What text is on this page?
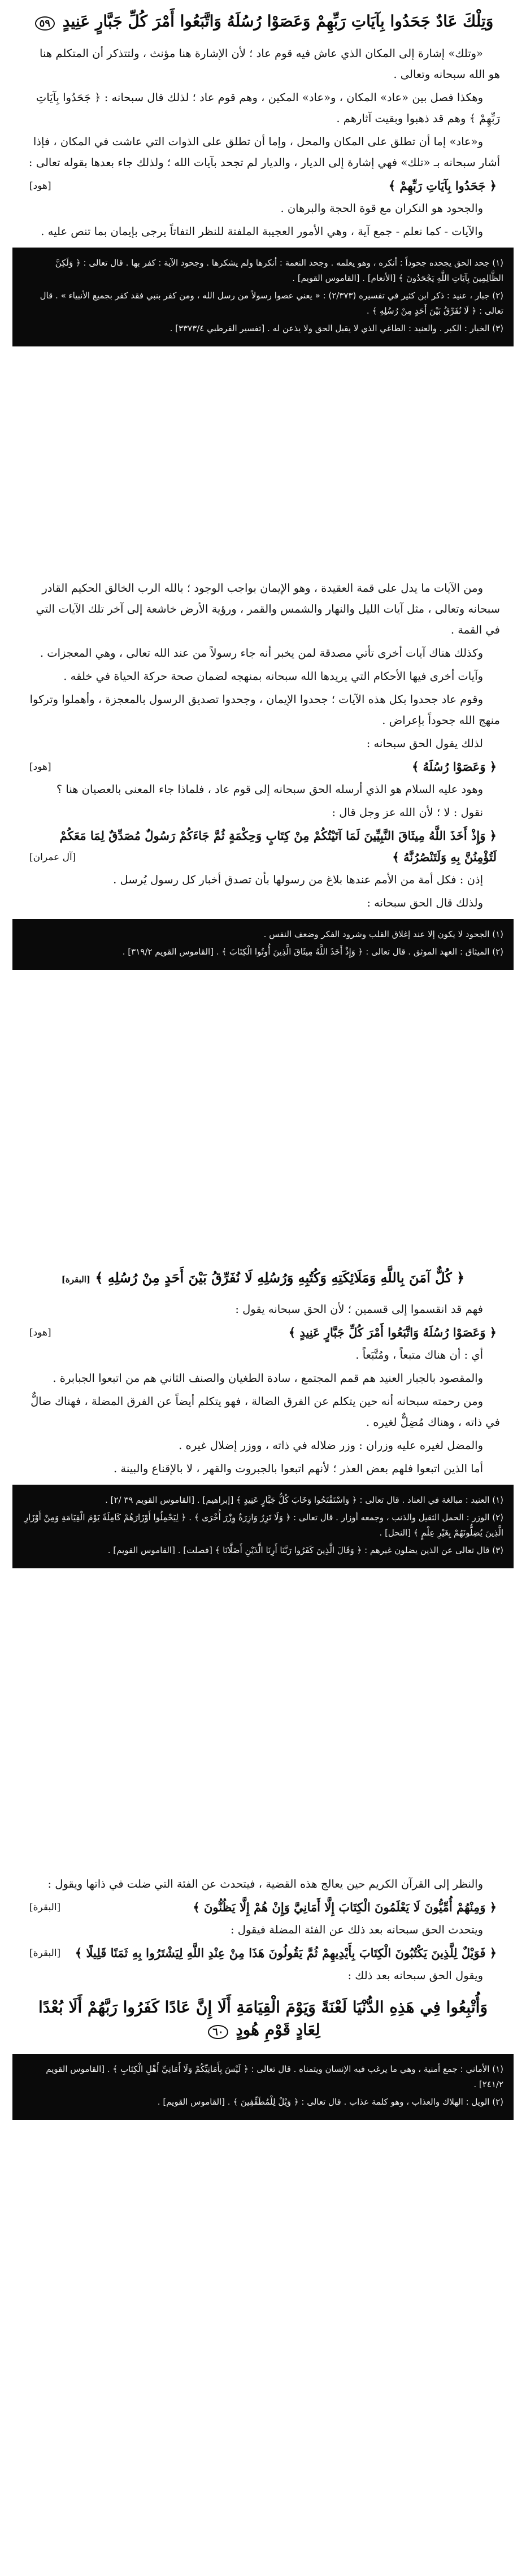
وَتِلْكَ عَادٌ جَحَدُوا بِآيَاتِ رَبِّهِمْ وَعَصَوْا رُسُلَهُ وَاتَّبَعُوا أَمْرَ كُلِّ جَبَّارٍ عَنِيدٍ ٥٩

«وتلك» إشارة إلى المكان الذي عاش فيه قوم عاد ؛ لأن الإشارة هنا مؤنث ، ولتتذكر أن المتكلم هنا هو الله سبحانه وتعالى .

وهكذا فصل بين «عاد» المكان ، و«عاد» المكين ، وهم قوم عاد ؛ لذلك قال سبحانه : ﴿ جَحَدُوا بِآيَاتِ رَبِّهِمْ ﴾ وهم قد ذهبوا وبقيت آثارهم .

و«عاد» إما أن تطلق على المكان والمحل ، وإما أن تطلق على الذوات التي عاشت في المكان ، فإذا أشار سبحانه بـ «تلك» فهي إشارة إلى الديار ، والديار لم تجحد بآيات الله ؛ ولذلك جاء بعدها بقوله تعالى :

﴿ جَحَدُوا بِآيَاتِ رَبِّهِمْ ﴾
[هود]

والجحود هو النكران مع قوة الحجة والبرهان .

والآيات - كما نعلم - جمع آية ، وهي الأمور العجيبة الملفتة للنظر التفاتاً يرجى بإيمان بما تنص عليه .

(١) جحد الحق يجحده جحوداً : أنكره ، وهو يعلمه . وجحد النعمة : أنكرها ولم يشكرها . وجحود الآية : كفر بها . قال تعالى : ﴿ وَلَكِنَّ الظَّالِمِينَ بِآيَاتِ اللَّهِ يَجْحَدُونَ ﴾ [الأنعام] . [القاموس القويم] .

(٢) جبار ، عنيد : ذكر ابن كثير في تفسيره (٢/٣٧٣) : « يعني عصوا رسولاً من رسل الله ، ومن كفر بنبي فقد كفر بجميع الأنبياء » . قال تعالى : ﴿ لَا نُفَرِّقُ بَيْنَ أَحَدٍ مِنْ رُسُلِهِ ﴾ .

(٣) الخبار : الكبر . والعنيد : الطاغي الذي لا يقبل الحق ولا يذعن له . [تفسير القرطبي ٣٣٧٣/٤] .

ومن الآيات ما يدل على قمة العقيدة ، وهو الإيمان بواجب الوجود ؛ بالله الرب الخالق الحكيم القادر سبحانه وتعالى ، مثل آيات الليل والنهار والشمس والقمر ، ورؤية الأرض خاشعة إلى آخر تلك الآيات التي في القمة .

وكذلك هناك آيات أخرى تأتي مصدقة لمن يخبر أنه جاء رسولاً من عند الله تعالى ، وهي المعجزات .

وآيات أخرى فيها الأحكام التي يريدها الله سبحانه بمنهجه لضمان صحة حركة الحياة في خلقه .

وقوم عاد جحدوا بكل هذه الآيات ؛ جحدوا الإيمان ، وجحدوا تصديق الرسول بالمعجزة ، وأهملوا وتركوا منهج الله جحوداً بإعراض .

لذلك يقول الحق سبحانه :

﴿ وَعَصَوْا رُسُلَهُ ﴾
[هود]

وهود عليه السلام هو الذي أرسله الحق سبحانه إلى قوم عاد ، فلماذا جاء المعنى بالعصيان هنا ؟

نقول : لا ؛ لأن الله عز وجل قال :

﴿ وَإِذْ أَخَذَ اللَّهُ مِيثَاقَ النَّبِيِّينَ لَمَا آتَيْتُكُمْ مِنْ كِتَابٍ وَحِكْمَةٍ ثُمَّ جَاءَكُمْ رَسُولٌ مُصَدِّقٌ لِمَا مَعَكُمْ لَتُؤْمِنُنَّ بِهِ وَلَتَنْصُرُنَّهُ ﴾
[آل عمران]

إذن : فكل أمة من الأمم عندها بلاغ من رسولها بأن تصدق أخبار كل رسول يُرسل .

ولذلك قال الحق سبحانه :

(١) الجحود لا يكون إلا عند إغلاق القلب وشرود الفكر وضعف النفس .

(٢) الميثاق : العهد الموثق . قال تعالى : ﴿ وَإِذْ أَخَذَ اللَّهُ مِيثَاقَ الَّذِينَ أُوتُوا الْكِتَابَ ﴾ . [القاموس القويم ٣١٩/٢] .

﴿ كُلٌّ آمَنَ بِاللَّهِ وَمَلَائِكَتِهِ وَكُتُبِهِ وَرُسُلِهِ لَا نُفَرِّقُ بَيْنَ أَحَدٍ مِنْ رُسُلِهِ ﴾ [البقرة]

فهم قد انقسموا إلى قسمين ؛ لأن الحق سبحانه يقول :

﴿ وَعَصَوْا رُسُلَهُ وَاتَّبَعُوا أَمْرَ كُلِّ جَبَّارٍ عَنِيدٍ ﴾
[هود]

أي : أن هناك متبعاً ، ومُتَّبَعاً .

والمقصود بالجبار العنيد هم قمم المجتمع ، سادة الطغيان والصنف الثاني هم من اتبعوا الجبابرة .

ومن رحمته سبحانه أنه حين يتكلم عن الفرق الضالة ، فهو يتكلم أيضاً عن الفرق المضلة ، فهناك ضالٌّ في ذاته ، وهناك مُضِلٌّ لغيره .

والمضل لغيره عليه وزران : وزر ضلاله في ذاته ، ووزر إضلال غيره .

أما الذين اتبعوا فلهم بعض العذر ؛ لأنهم اتبعوا بالجبروت والقهر ، لا بالإقناع والبينة .

(١) العنيد : مبالغة في العناد . قال تعالى : ﴿ وَاسْتَفْتَحُوا وَخَابَ كُلُّ جَبَّارٍ عَنِيدٍ ﴾ [إبراهيم] . [القاموس القويم ٣٩ /٢] .

(٢) الوزر : الحمل الثقيل والذنب ، وجمعه أوزار . قال تعالى : ﴿ وَلَا تَزِرُ وَازِرَةٌ وِزْرَ أُخْرَى ﴾ . ﴿ لِيَحْمِلُوا أَوْزَارَهُمْ كَامِلَةً يَوْمَ الْقِيَامَةِ وَمِنْ أَوْزَارِ الَّذِينَ يُضِلُّونَهُمْ بِغَيْرِ عِلْمٍ ﴾ [النحل] .

(٣) قال تعالى عن الذين يضلون غيرهم : ﴿ وَقَالَ الَّذِينَ كَفَرُوا رَبَّنَا أَرِنَا الَّذَيْنِ أَضَلَّانَا ﴾ [فصلت] . [القاموس القويم] .

والنظر إلى القرآن الكريم حين يعالج هذه القضية ، فيتحدث عن الفئة التي ضلت في ذاتها ويقول :

﴿ وَمِنْهُمْ أُمِّيُّونَ لَا يَعْلَمُونَ الْكِتَابَ إِلَّا أَمَانِيَّ وَإِنْ هُمْ إِلَّا يَظُنُّونَ ﴾
[البقرة]

ويتحدث الحق سبحانه بعد ذلك عن الفئة المضلة فيقول :

﴿ فَوَيْلٌ لِلَّذِينَ يَكْتُبُونَ الْكِتَابَ بِأَيْدِيهِمْ ثُمَّ يَقُولُونَ هَذَا مِنْ عِنْدِ اللَّهِ لِيَشْتَرُوا بِهِ ثَمَنًا قَلِيلًا ﴾
[البقرة]

ويقول الحق سبحانه بعد ذلك :

وَأُتْبِعُوا فِي هَذِهِ الدُّنْيَا لَعْنَةً وَيَوْمَ الْقِيَامَةِ أَلَا إِنَّ عَادًا كَفَرُوا رَبَّهُمْ أَلَا بُعْدًا لِعَادٍ قَوْمِ هُودٍ ٦٠

(١) الأماني : جمع أمنية ، وهي ما يرغب فيه الإنسان ويتمناه . قال تعالى : ﴿ لَيْسَ بِأَمَانِيِّكُمْ وَلَا أَمَانِيِّ أَهْلِ الْكِتَابِ ﴾ . [القاموس القويم ٢٤١/٢] .

(٢) الويل : الهلاك والعذاب ، وهو كلمة عذاب . قال تعالى : ﴿ وَيْلٌ لِلْمُطَفِّفِينَ ﴾ . [القاموس القويم] .
